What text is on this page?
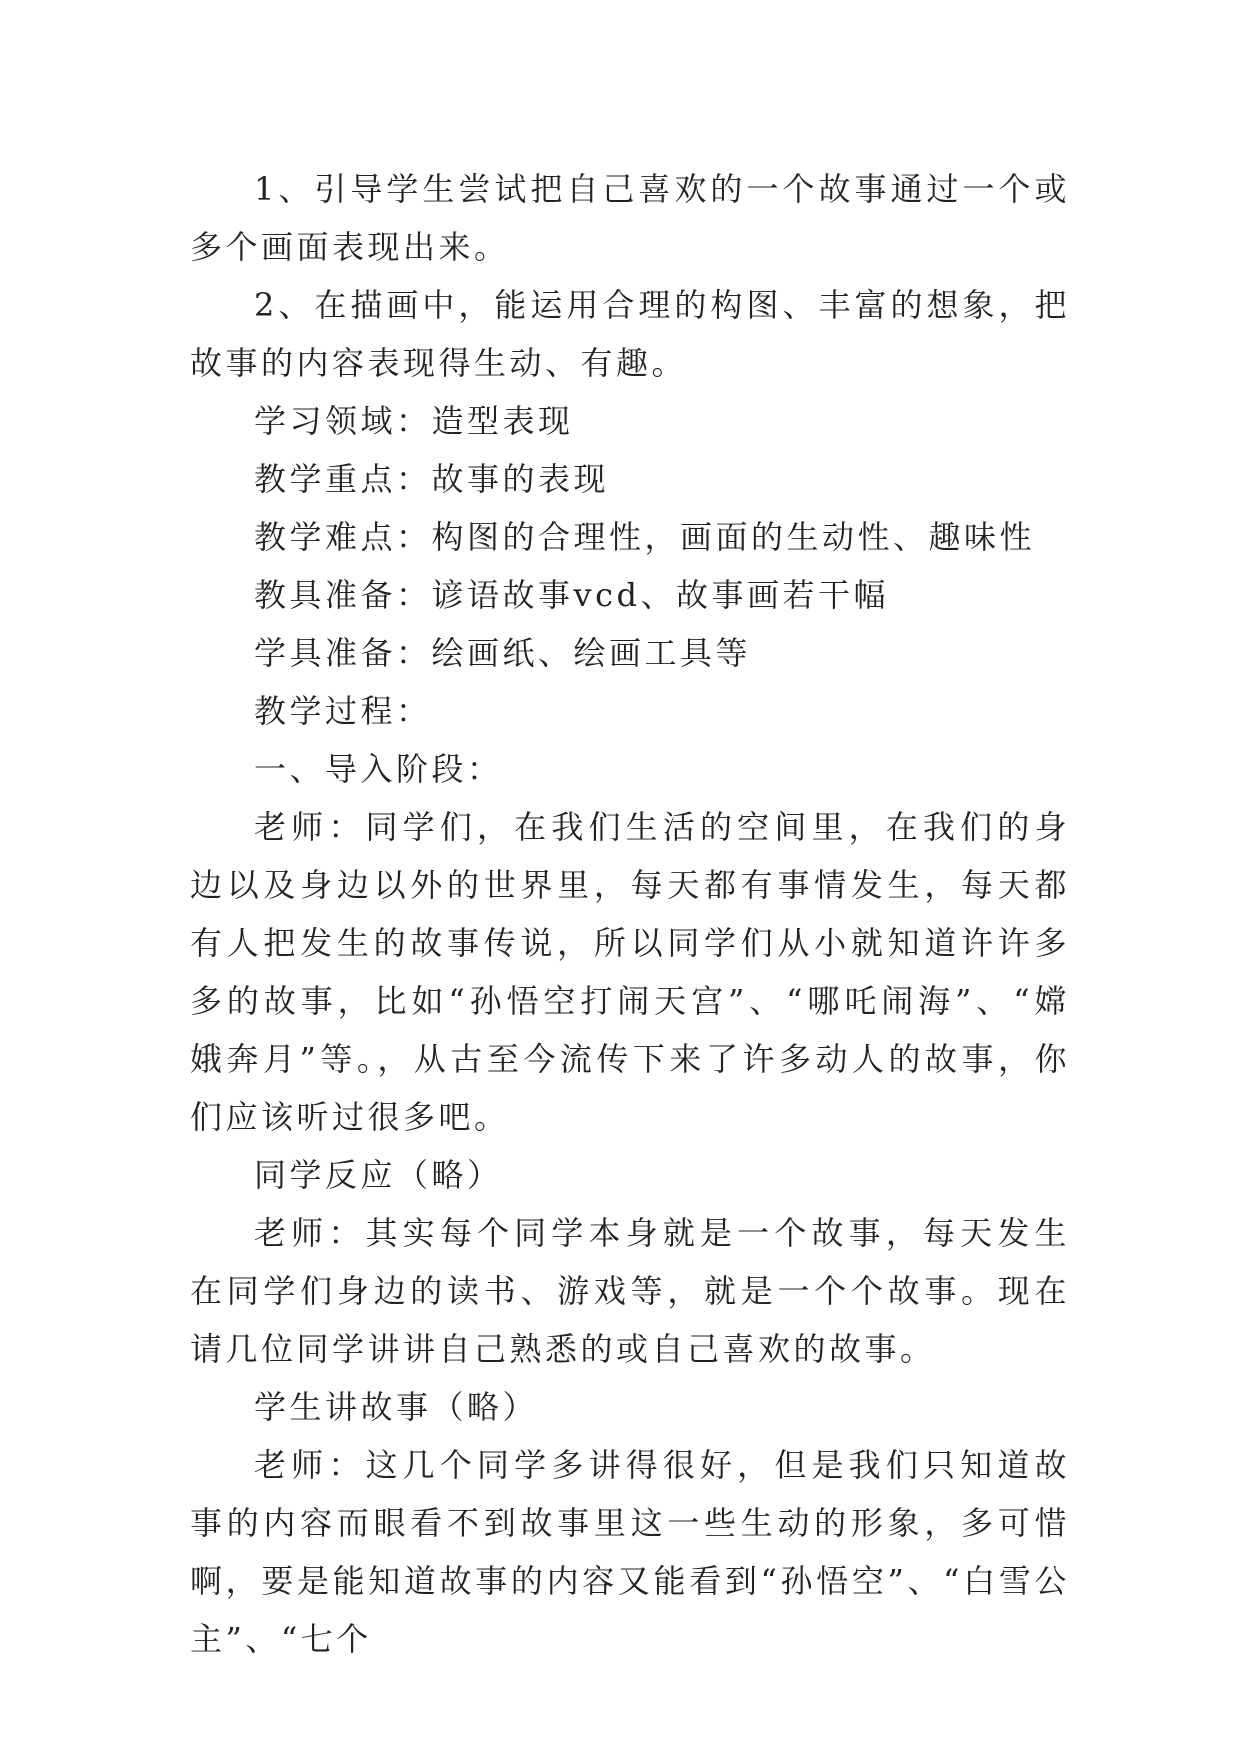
1、引导学生尝试把自己喜欢的一个故事通过一个或多个画面表现出来。

2、在描画中，能运用合理的构图、丰富的想象，把故事的内容表现得生动、有趣。

学习领域：造型表现

教学重点：故事的表现

教学难点：构图的合理性，画面的生动性、趣味性

教具准备：谚语故事vcd、故事画若干幅

学具准备：绘画纸、绘画工具等

教学过程：

一、导入阶段：

老师：同学们，在我们生活的空间里，在我们的身边以及身边以外的世界里，每天都有事情发生，每天都有人把发生的故事传说，所以同学们从小就知道许许多多的故事，比如“孙悟空打闹天宫”、“哪吒闹海”、“嫦娥奔月”等。，从古至今流传下来了许多动人的故事，你们应该听过很多吧。

同学反应（略）

老师：其实每个同学本身就是一个故事，每天发生在同学们身边的读书、游戏等，就是一个个故事。现在请几位同学讲讲自己熟悉的或自己喜欢的故事。

学生讲故事（略）

老师：这几个同学多讲得很好，但是我们只知道故事的内容而眼看不到故事里这一些生动的形象，多可惜啊，要是能知道故事的内容又能看到“孙悟空”、“白雪公主”、“七个
